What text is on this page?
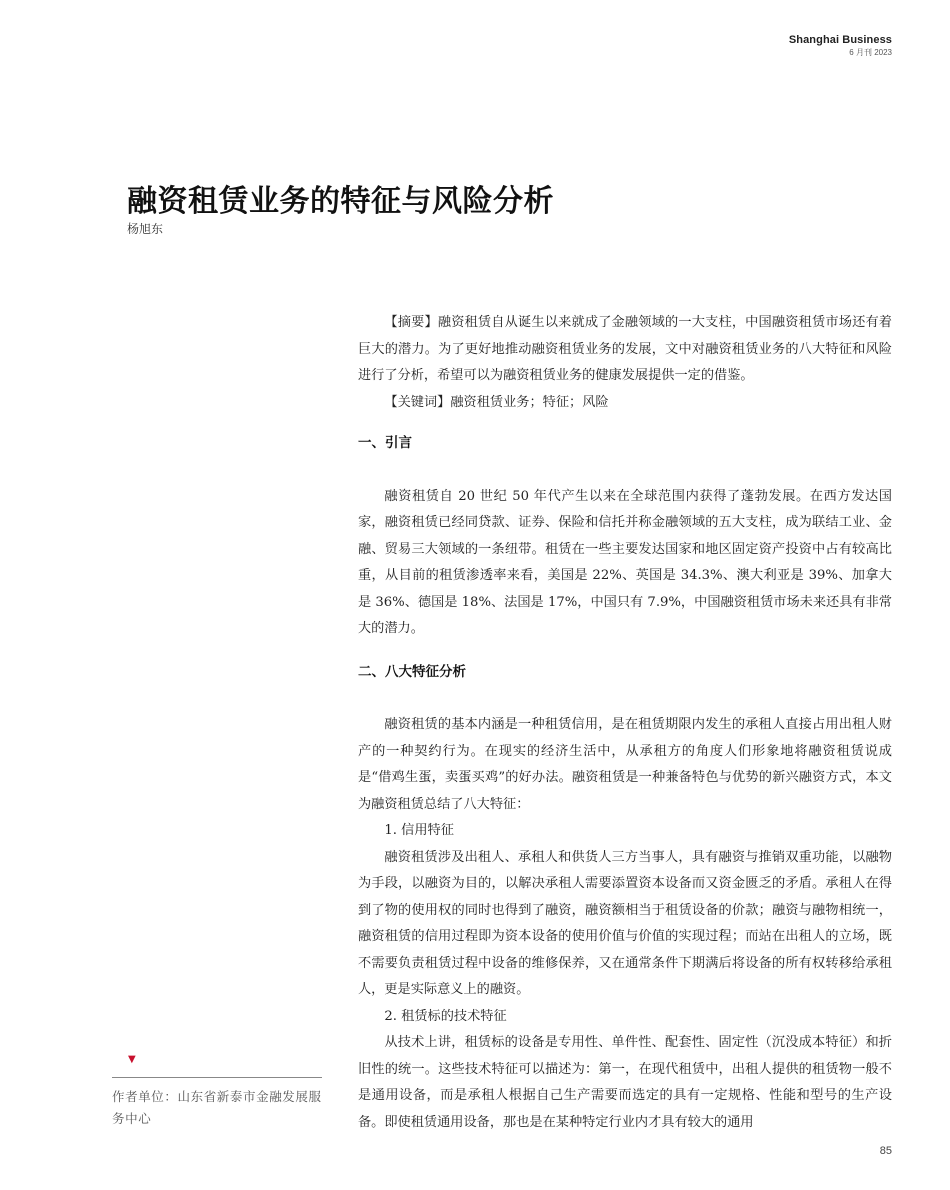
Shanghai Business
6 月刊 2023
融资租赁业务的特征与风险分析
杨旭东
▼
作者单位：山东省新泰市金融发展服务中心

【摘要】融资租赁自从诞生以来就成了金融领域的一大支柱，中国融资租赁市场还有着巨大的潜力。为了更好地推动融资租赁业务的发展，文中对融资租赁业务的八大特征和风险进行了分析，希望可以为融资租赁业务的健康发展提供一定的借鉴。

【关键词】融资租赁业务；特征；风险

一、引言

融资租赁自 20 世纪 50 年代产生以来在全球范围内获得了蓬勃发展。在西方发达国家，融资租赁已经同贷款、证券、保险和信托并称金融领域的五大支柱，成为联结工业、金融、贸易三大领域的一条纽带。租赁在一些主要发达国家和地区固定资产投资中占有较高比重，从目前的租赁渗透率来看，美国是 22%、英国是 34.3%、澳大利亚是 39%、加拿大是 36%、德国是 18%、法国是 17%，中国只有 7.9%，中国融资租赁市场未来还具有非常大的潜力。

二、八大特征分析

融资租赁的基本内涵是一种租赁信用，是在租赁期限内发生的承租人直接占用出租人财产的一种契约行为。在现实的经济生活中，从承租方的角度人们形象地将融资租赁说成是“借鸡生蛋，卖蛋买鸡”的好办法。融资租赁是一种兼备特色与优势的新兴融资方式，本文为融资租赁总结了八大特征：

1. 信用特征

融资租赁涉及出租人、承租人和供货人三方当事人，具有融资与推销双重功能，以融物为手段，以融资为目的，以解决承租人需要添置资本设备而又资金匮乏的矛盾。承租人在得到了物的使用权的同时也得到了融资，融资额相当于租赁设备的价款；融资与融物相统一，融资租赁的信用过程即为资本设备的使用价值与价值的实现过程；而站在出租人的立场，既不需要负责租赁过程中设备的维修保养，又在通常条件下期满后将设备的所有权转移给承租人，更是实际意义上的融资。

2. 租赁标的技术特征

从技术上讲，租赁标的设备是专用性、单件性、配套性、固定性（沉没成本特征）和折旧性的统一。这些技术特征可以描述为：第一，在现代租赁中，出租人提供的租赁物一般不是通用设备，而是承租人根据自己生产需要而选定的具有一定规格、性能和型号的生产设备。即使租赁通用设备，那也是在某种特定行业内才具有较大的通用

85
